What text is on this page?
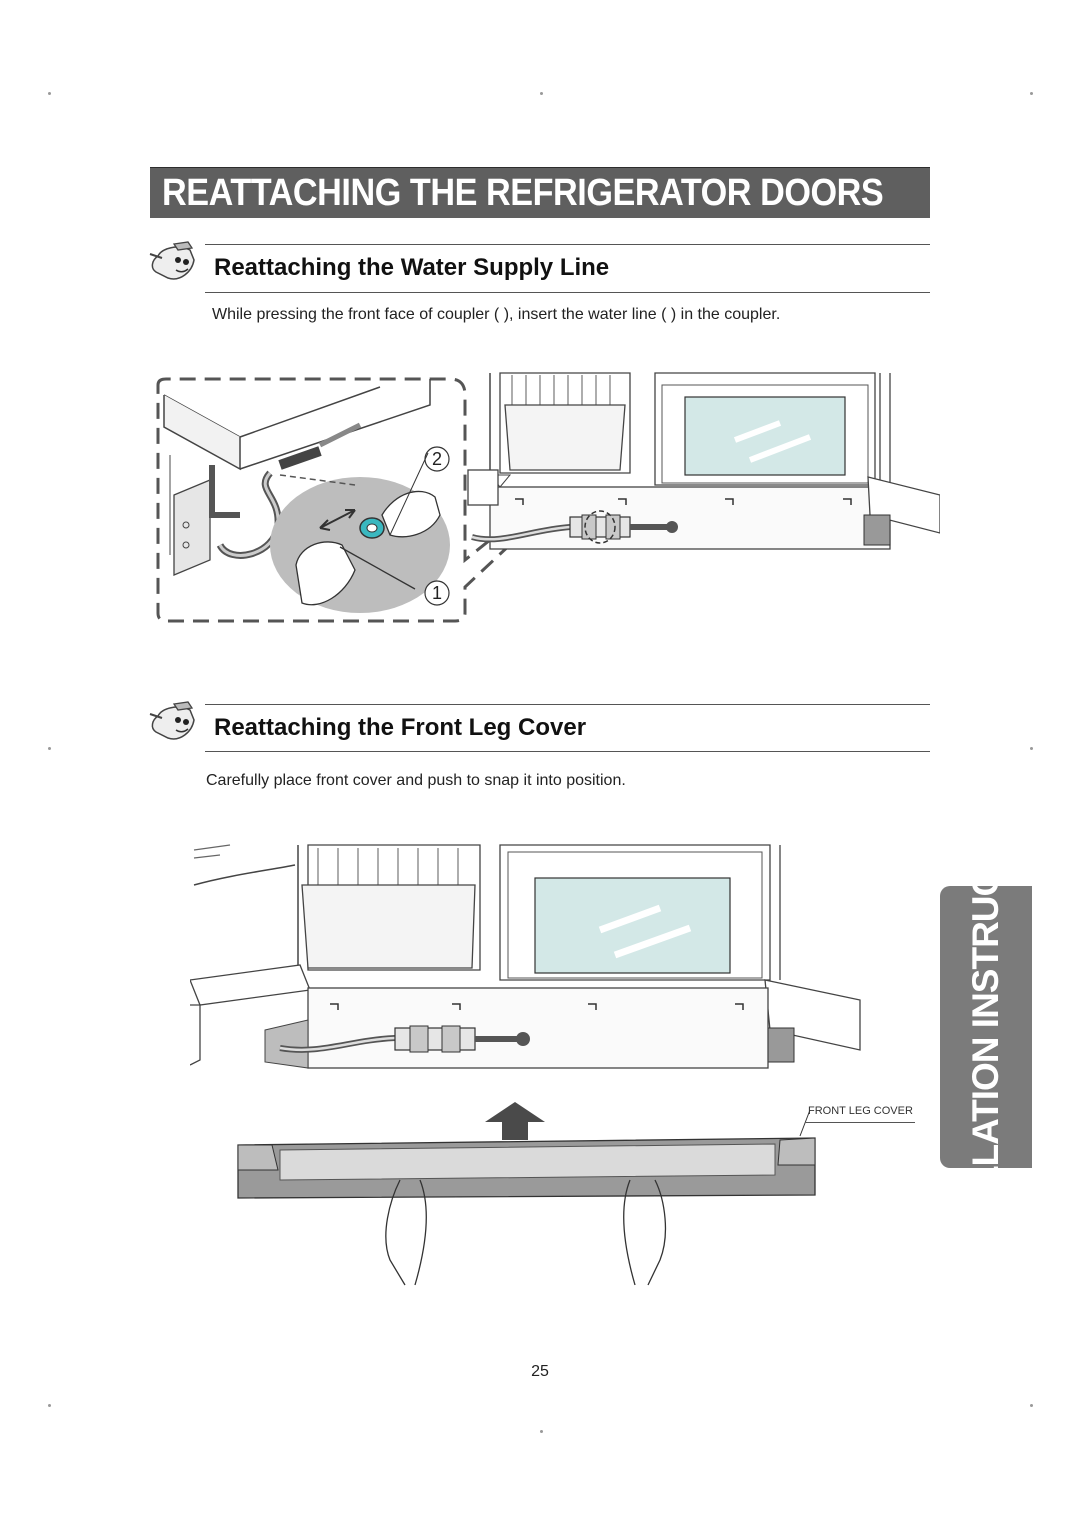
REATTACHING THE REFRIGERATOR DOORS
Reattaching the Water Supply Line
While pressing the front face of coupler ( ), insert the water line ( ) in the coupler.
2
1
Reattaching the Front Leg Cover
Carefully place front cover and push to snap it into position.
FRONT LEG COVER INSTALLATION INSTRUCTIONS
25
